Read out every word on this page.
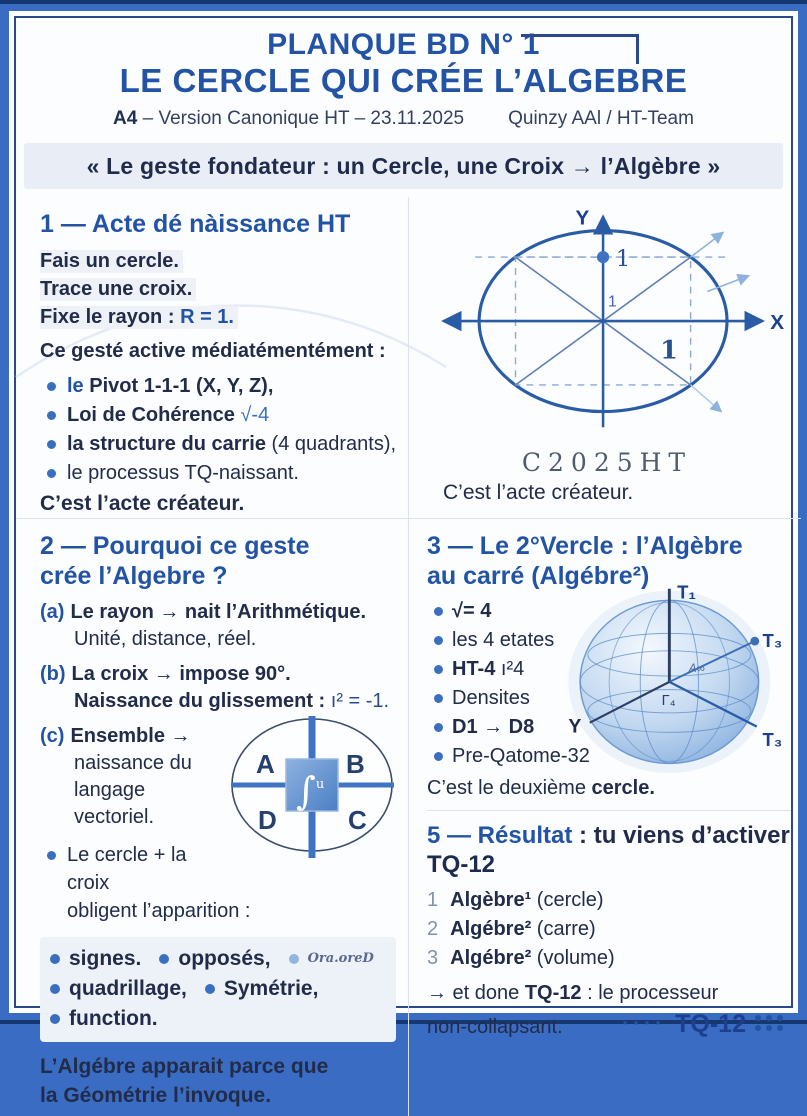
PLANQUE BD N° 1
LE CERCLE QUI CRÉE L’ALGEBRE
A4 – Version Canonique HT – 23.11.2025 Quinzy AAl / HT-Team
« Le geste fondateur : un Cercle, une Croix → l’Algèbre »
1 — Acte dé nàissance HT
Fais un cercle.
Trace une croix.
Fixe le rayon : R = 1.
Ce gesté active médiatémentément :
le Pivot 1-1-1 (X, Y, Z),
Loi de Cohérence √-4
la structure du carrie (4 quadrants),
le processus TQ-naissant.
C’est l’acte créateur.
Y
X
1
1
1
C2025HT
C’est l’acte créateur.
2 — Pourquoi ce geste
crée l’Algebre ?
(a) Le rayon → nait l’Arithmétique.
Unité, distance, réel.
(b) La croix → impose 90°.
Naissance du glissement : ı² = -1.
∫$^u$
A	B
D	C
(c) Ensemble →
naissance du
langage vectoriel.
Le cercle + la croix
obligent l’apparition :
signes. opposés,	Ora.oreD
quadrillage, Symétrie,
function.
L’Algébre apparait parce que
la Géométrie l’invoque.
3 — Le 2°Vercle : l’Algèbre
au carré (Algébre²)
T₁
T₃
T₃
Y
A∞
Γ₄
√= 4
les 4 etates
HT-4 ı²4
Densites
D1 → D8
Pre-Qatome-32
C’est le deuxième cercle.
5 — Résultat : tu viens d’activer
TQ-12
1 Algèbre¹ (cercle)
2 Algébre² (carre)
3 Algébre² (volume)
→ et done TQ-12 : le processeur
non-collapsant.	···· TQ-12
